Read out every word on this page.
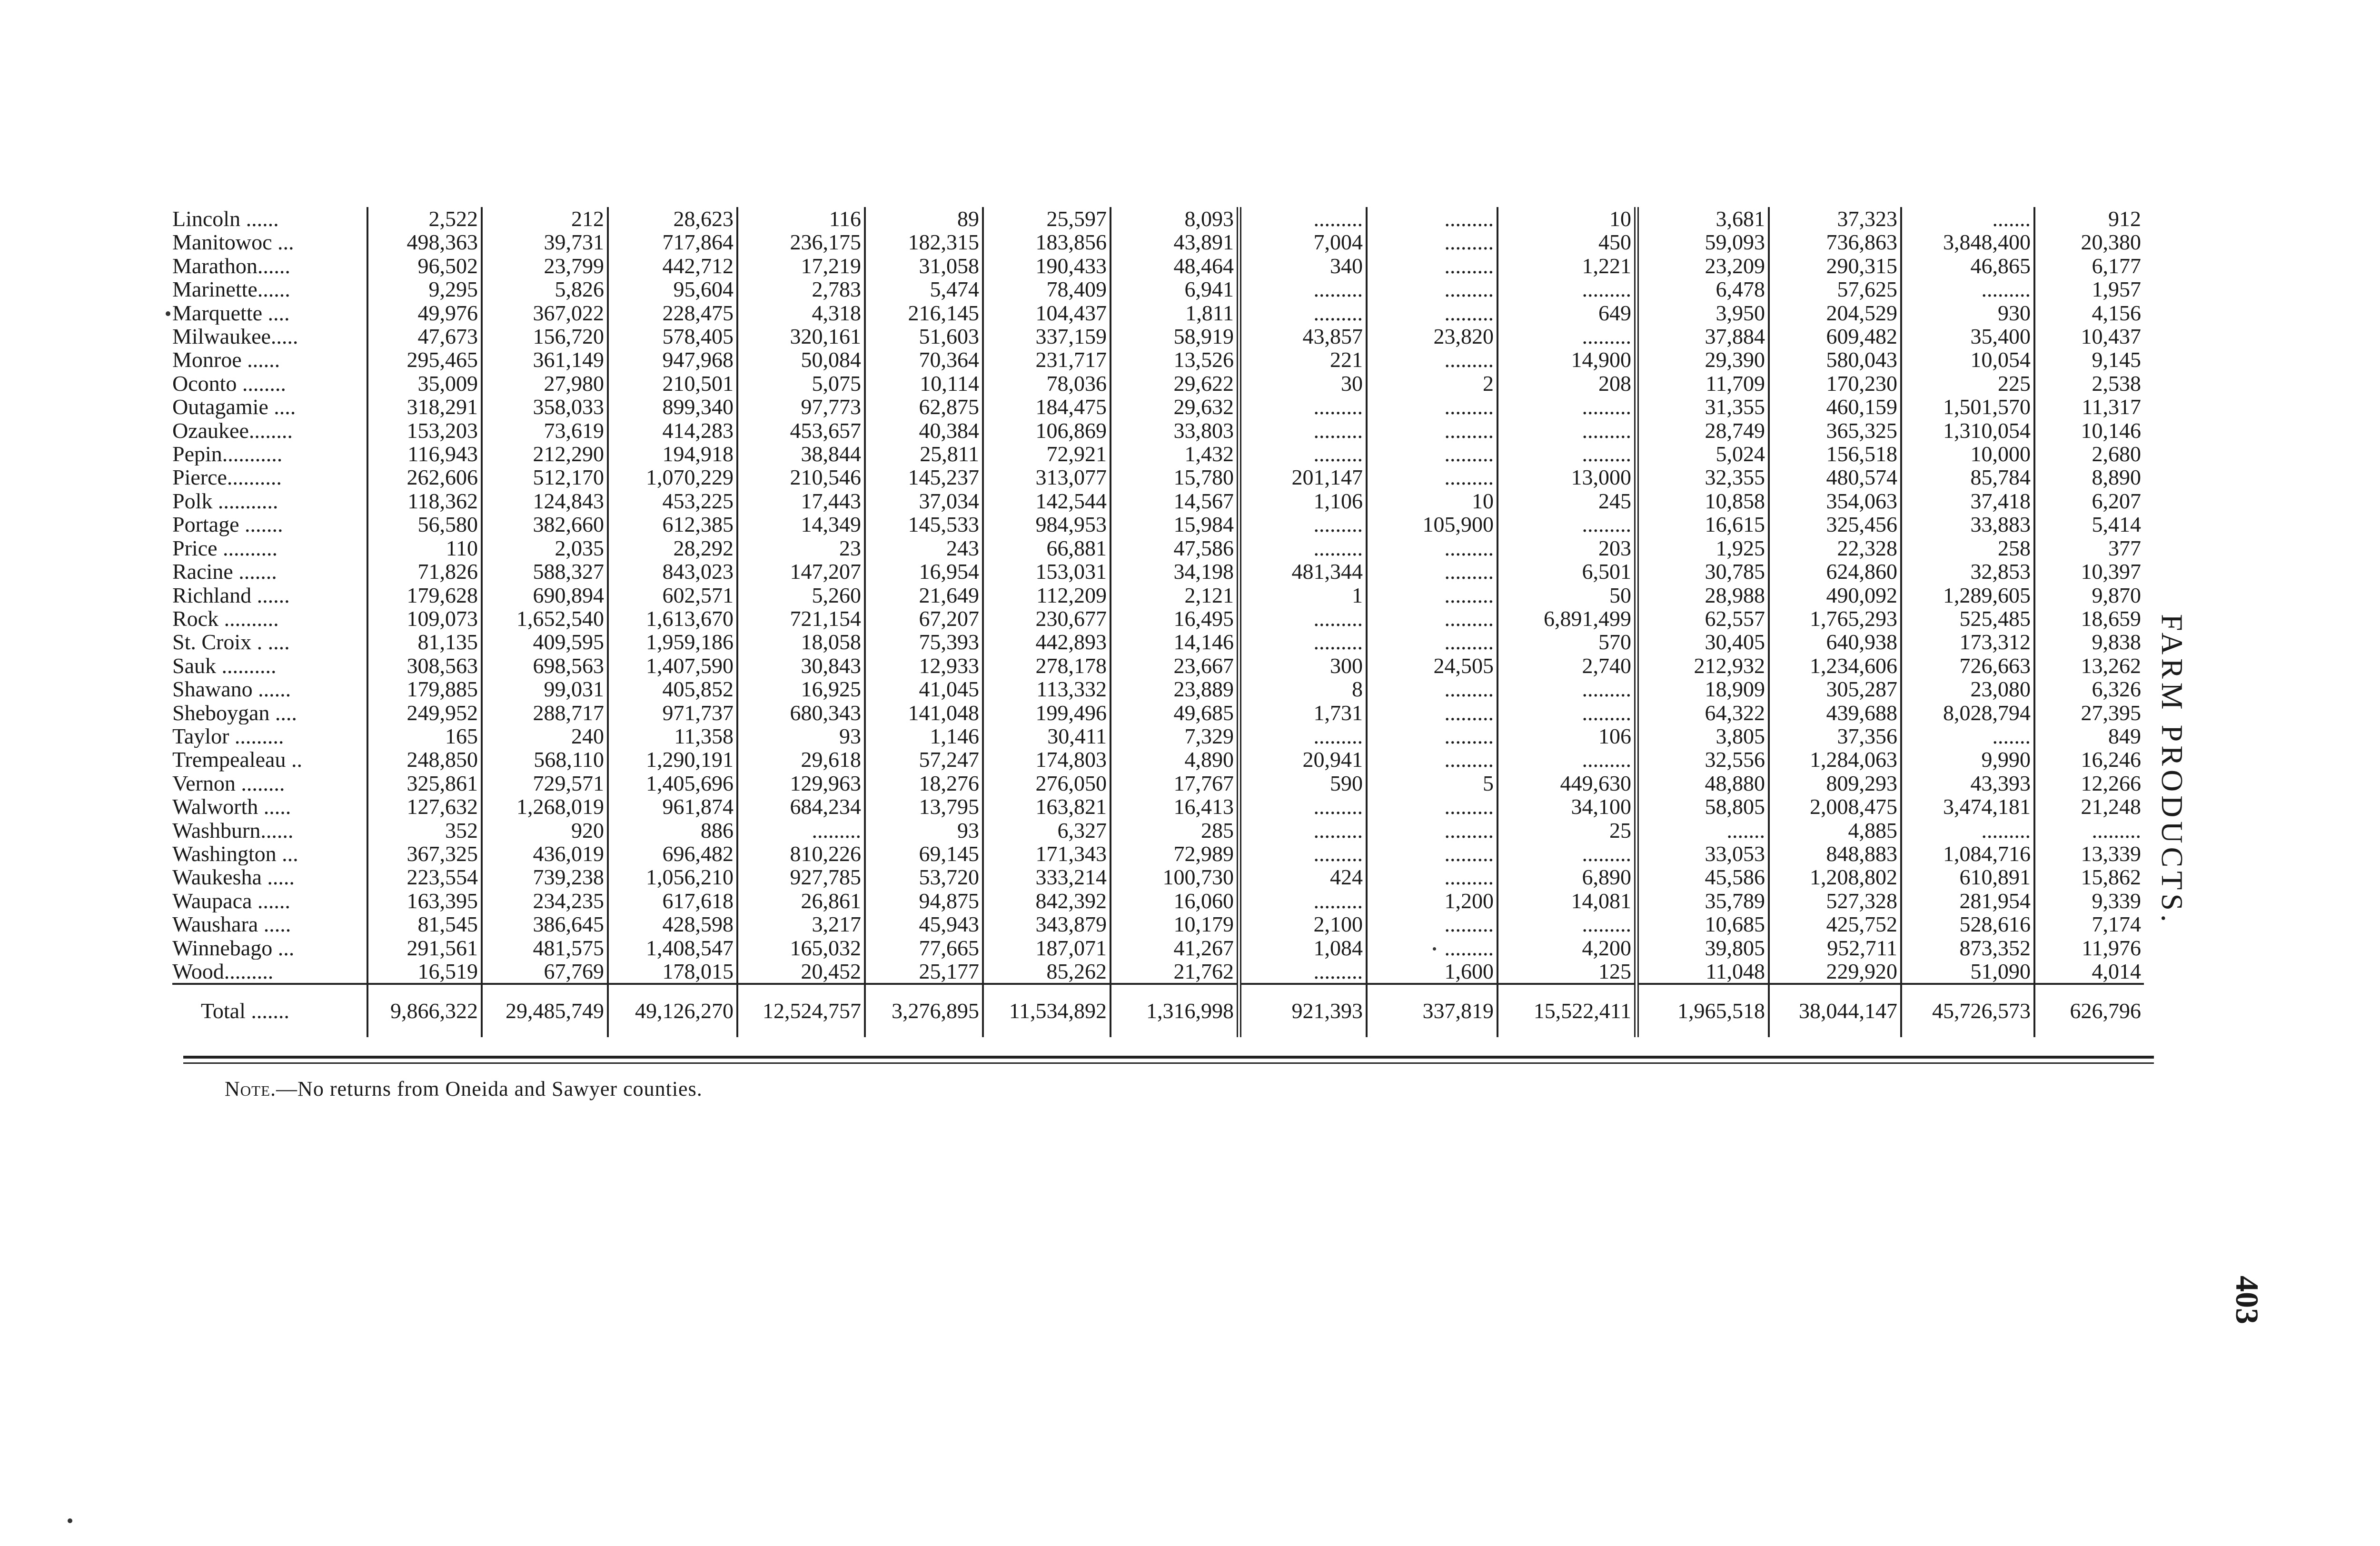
Lincoln ......	2,522	212	28,623	116	89	25,597	8,093	.........	.........	10	3,681	37,323	.......	912
Manitowoc ...	498,363	39,731	717,864	236,175	182,315	183,856	43,891	7,004	.........	450	59,093	736,863	3,848,400	20,380
Marathon......	96,502	23,799	442,712	17,219	31,058	190,433	48,464	340	.........	1,221	23,209	290,315	46,865	6,177
Marinette......	9,295	5,826	95,604	2,783	5,474	78,409	6,941	.........	.........	.........	6,478	57,625	.........	1,957
Marquette ....	49,976	367,022	228,475	4,318	216,145	104,437	1,811	.........	.........	649	3,950	204,529	930	4,156
Milwaukee.....	47,673	156,720	578,405	320,161	51,603	337,159	58,919	43,857	23,820	.........	37,884	609,482	35,400	10,437
Monroe ......	295,465	361,149	947,968	50,084	70,364	231,717	13,526	221	.........	14,900	29,390	580,043	10,054	9,145
Oconto ........	35,009	27,980	210,501	5,075	10,114	78,036	29,622	30	2	208	11,709	170,230	225	2,538
Outagamie ....	318,291	358,033	899,340	97,773	62,875	184,475	29,632	.........	.........	.........	31,355	460,159	1,501,570	11,317
Ozaukee........	153,203	73,619	414,283	453,657	40,384	106,869	33,803	.........	.........	.........	28,749	365,325	1,310,054	10,146
Pepin...........	116,943	212,290	194,918	38,844	25,811	72,921	1,432	.........	.........	.........	5,024	156,518	10,000	2,680
Pierce..........	262,606	512,170	1,070,229	210,546	145,237	313,077	15,780	201,147	.........	13,000	32,355	480,574	85,784	8,890
Polk ...........	118,362	124,843	453,225	17,443	37,034	142,544	14,567	1,106	10	245	10,858	354,063	37,418	6,207
Portage .......	56,580	382,660	612,385	14,349	145,533	984,953	15,984	.........	105,900	.........	16,615	325,456	33,883	5,414
Price ..........	110	2,035	28,292	23	243	66,881	47,586	.........	.........	203	1,925	22,328	258	377
Racine .......	71,826	588,327	843,023	147,207	16,954	153,031	34,198	481,344	.........	6,501	30,785	624,860	32,853	10,397
Richland ......	179,628	690,894	602,571	5,260	21,649	112,209	2,121	1	.........	50	28,988	490,092	1,289,605	9,870
Rock ..........	109,073	1,652,540	1,613,670	721,154	67,207	230,677	16,495	.........	.........	6,891,499	62,557	1,765,293	525,485	18,659
St. Croix . ....	81,135	409,595	1,959,186	18,058	75,393	442,893	14,146	.........	.........	570	30,405	640,938	173,312	9,838
Sauk ..........	308,563	698,563	1,407,590	30,843	12,933	278,178	23,667	300	24,505	2,740	212,932	1,234,606	726,663	13,262
Shawano ......	179,885	99,031	405,852	16,925	41,045	113,332	23,889	8	.........	.........	18,909	305,287	23,080	6,326
Sheboygan ....	249,952	288,717	971,737	680,343	141,048	199,496	49,685	1,731	.........	.........	64,322	439,688	8,028,794	27,395
Taylor .........	165	240	11,358	93	1,146	30,411	7,329	.........	.........	106	3,805	37,356	.......	849
Trempealeau ..	248,850	568,110	1,290,191	29,618	57,247	174,803	4,890	20,941	.........	.........	32,556	1,284,063	9,990	16,246
Vernon ........	325,861	729,571	1,405,696	129,963	18,276	276,050	17,767	590	5	449,630	48,880	809,293	43,393	12,266
Walworth .....	127,632	1,268,019	961,874	684,234	13,795	163,821	16,413	.........	.........	34,100	58,805	2,008,475	3,474,181	21,248
Washburn......	352	920	886	.........	93	6,327	285	.........	.........	25	.......	4,885	.........	.........
Washington ...	367,325	436,019	696,482	810,226	69,145	171,343	72,989	.........	.........	.........	33,053	848,883	1,084,716	13,339
Waukesha .....	223,554	739,238	1,056,210	927,785	53,720	333,214	100,730	424	.........	6,890	45,586	1,208,802	610,891	15,862
Waupaca ......	163,395	234,235	617,618	26,861	94,875	842,392	16,060	.........	1,200	14,081	35,789	527,328	281,954	9,339
Waushara .....	81,545	386,645	428,598	3,217	45,943	343,879	10,179	2,100	.........	.........	10,685	425,752	528,616	7,174
Winnebago ...	291,561	481,575	1,408,547	165,032	77,665	187,071	41,267	1,084	.........	4,200	39,805	952,711	873,352	11,976
Wood.........	16,519	67,769	178,015	20,452	25,177	85,262	21,762	.........	1,600	125	11,048	229,920	51,090	4,014
Total .......	9,866,322	29,485,749	49,126,270	12,524,757	3,276,895	11,534,892	1,316,998	921,393	337,819	15,522,411	1,965,518	38,044,147	45,726,573	626,796
Note.—No returns from Oneida and Sawyer counties.
FARM PRODUCTS.
403
